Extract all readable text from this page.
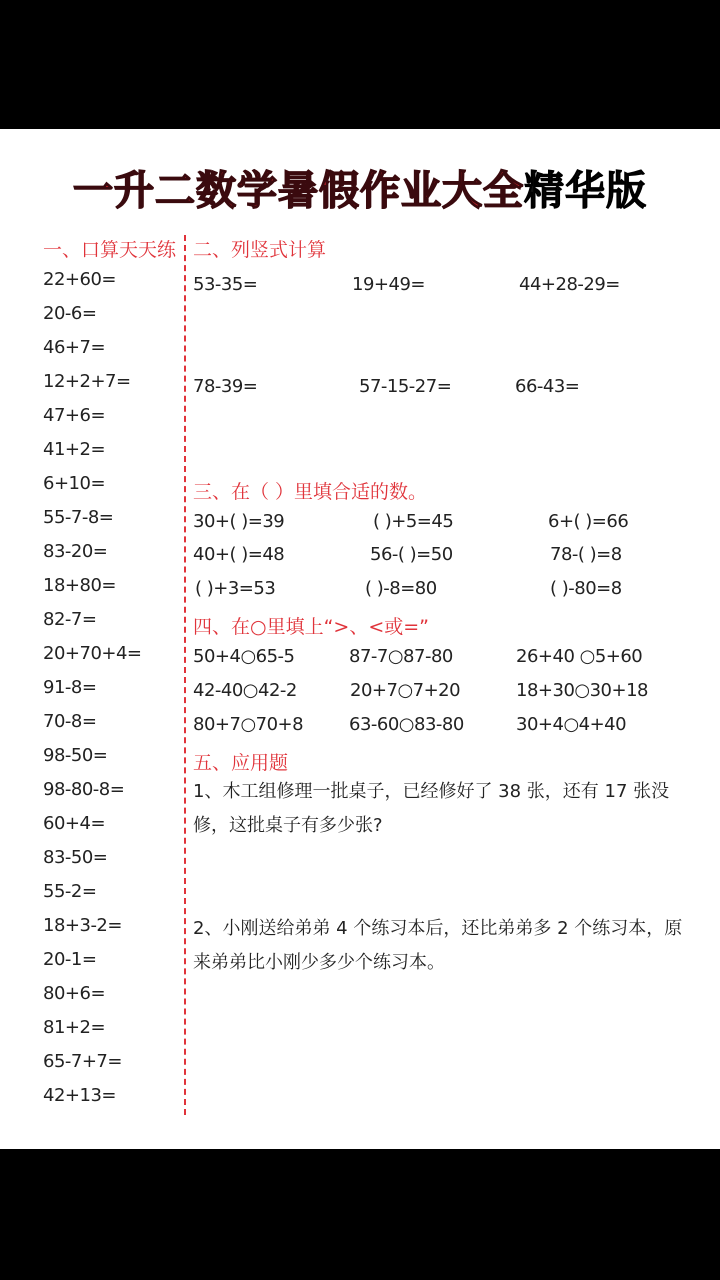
一升二数学暑假作业大全精华版
一、口算天天练
22+60=
20-6=
46+7=
12+2+7=
47+6=
41+2=
6+10=
55-7-8=
83-20=
18+80=
82-7=
20+70+4=
91-8=
70-8=
98-50=
98-80-8=
60+4=
83-50=
55-2=
18+3-2=
20-1=
80+6=
81+2=
65-7+7=
42+13=
二、列竖式计算
53-35=	19+49=	44+28-29=
78-39=	57-15-27=	66-43=
三、在（ ）里填合适的数。
30+( )=39	( )+5=45	6+( )=66
40+( )=48	56-( )=50	78-( )=8
( )+3=53	( )-8=80	( )-80=8
四、在○里填上“>、<或=”
50+4○65-5	87-7○87-80	26+40 ○5+60
42-40○42-2	20+7○7+20	18+30○30+18
80+7○70+8	63-60○83-80	30+4○4+40
五、应用题
1、木工组修理一批桌子，已经修好了 38 张，还有 17 张没修，这批桌子有多少张?
2、小刚送给弟弟 4 个练习本后，还比弟弟多 2 个练习本，原来弟弟比小刚少多少个练习本。
